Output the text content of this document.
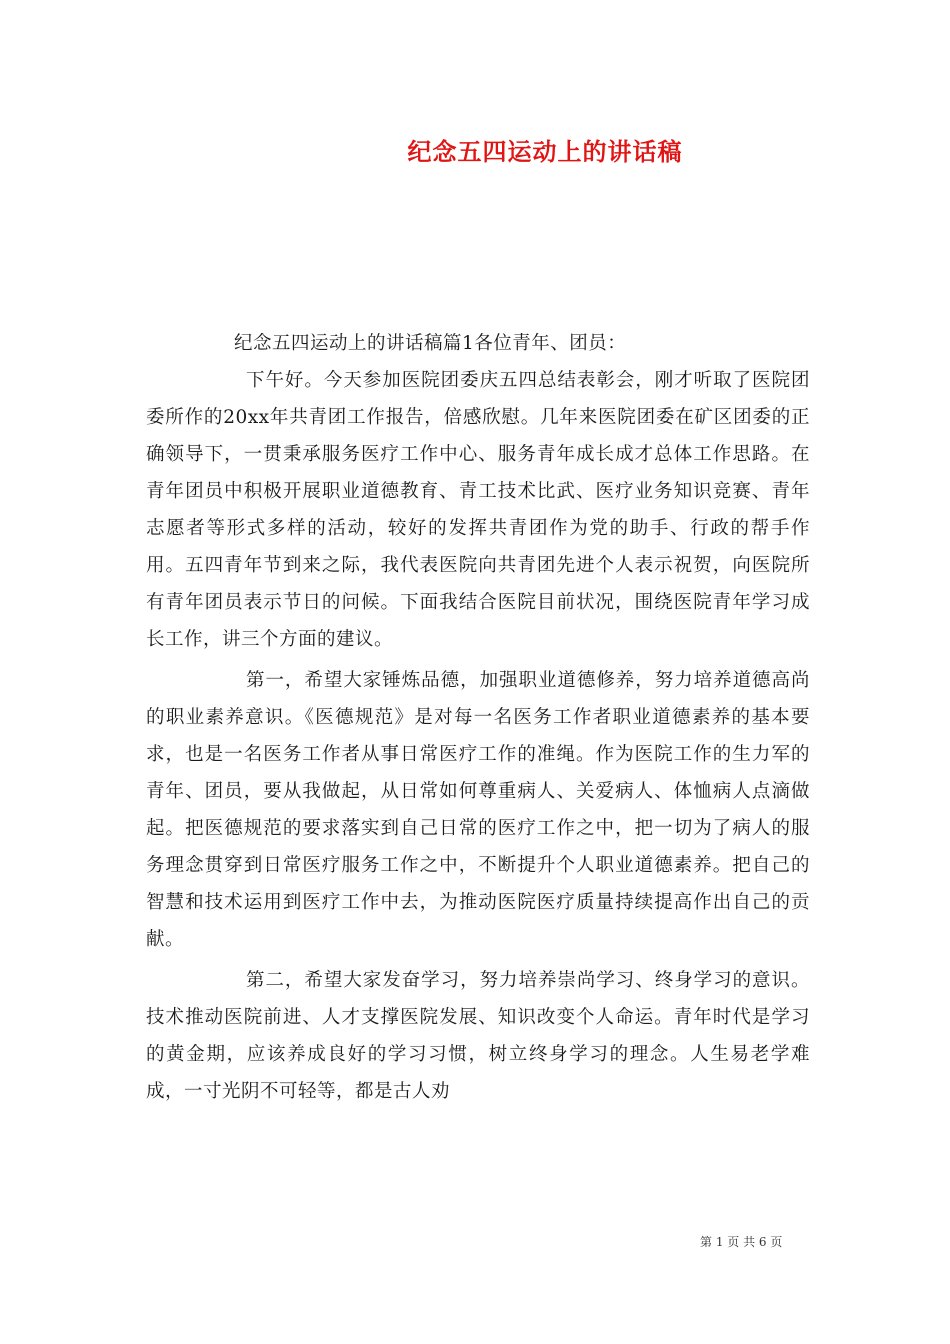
纪念五四运动上的讲话稿

纪念五四运动上的讲话稿篇1各位青年、团员：

下午好。今天参加医院团委庆五四总结表彰会，刚才听取了医院团委所作的20xx年共青团工作报告，倍感欣慰。几年来医院团委在矿区团委的正确领导下，一贯秉承服务医疗工作中心、服务青年成长成才总体工作思路。在青年团员中积极开展职业道德教育、青工技术比武、医疗业务知识竞赛、青年志愿者等形式多样的活动，较好的发挥共青团作为党的助手、行政的帮手作用。五四青年节到来之际，我代表医院向共青团先进个人表示祝贺，向医院所有青年团员表示节日的问候。下面我结合医院目前状况，围绕医院青年学习成长工作，讲三个方面的建议。

第一，希望大家锤炼品德，加强职业道德修养，努力培养道德高尚的职业素养意识。《医德规范》是对每一名医务工作者职业道德素养的基本要求，也是一名医务工作者从事日常医疗工作的准绳。作为医院工作的生力军的青年、团员，要从我做起，从日常如何尊重病人、关爱病人、体恤病人点滴做起。把医德规范的要求落实到自己日常的医疗工作之中，把一切为了病人的服务理念贯穿到日常医疗服务工作之中，不断提升个人职业道德素养。把自己的智慧和技术运用到医疗工作中去，为推动医院医疗质量持续提高作出自己的贡献。

第二，希望大家发奋学习，努力培养崇尚学习、终身学习的意识。技术推动医院前进、人才支撑医院发展、知识改变个人命运。青年时代是学习的黄金期，应该养成良好的学习习惯，树立终身学习的理念。人生易老学难成，一寸光阴不可轻等，都是古人劝

第 1 页 共 6 页
